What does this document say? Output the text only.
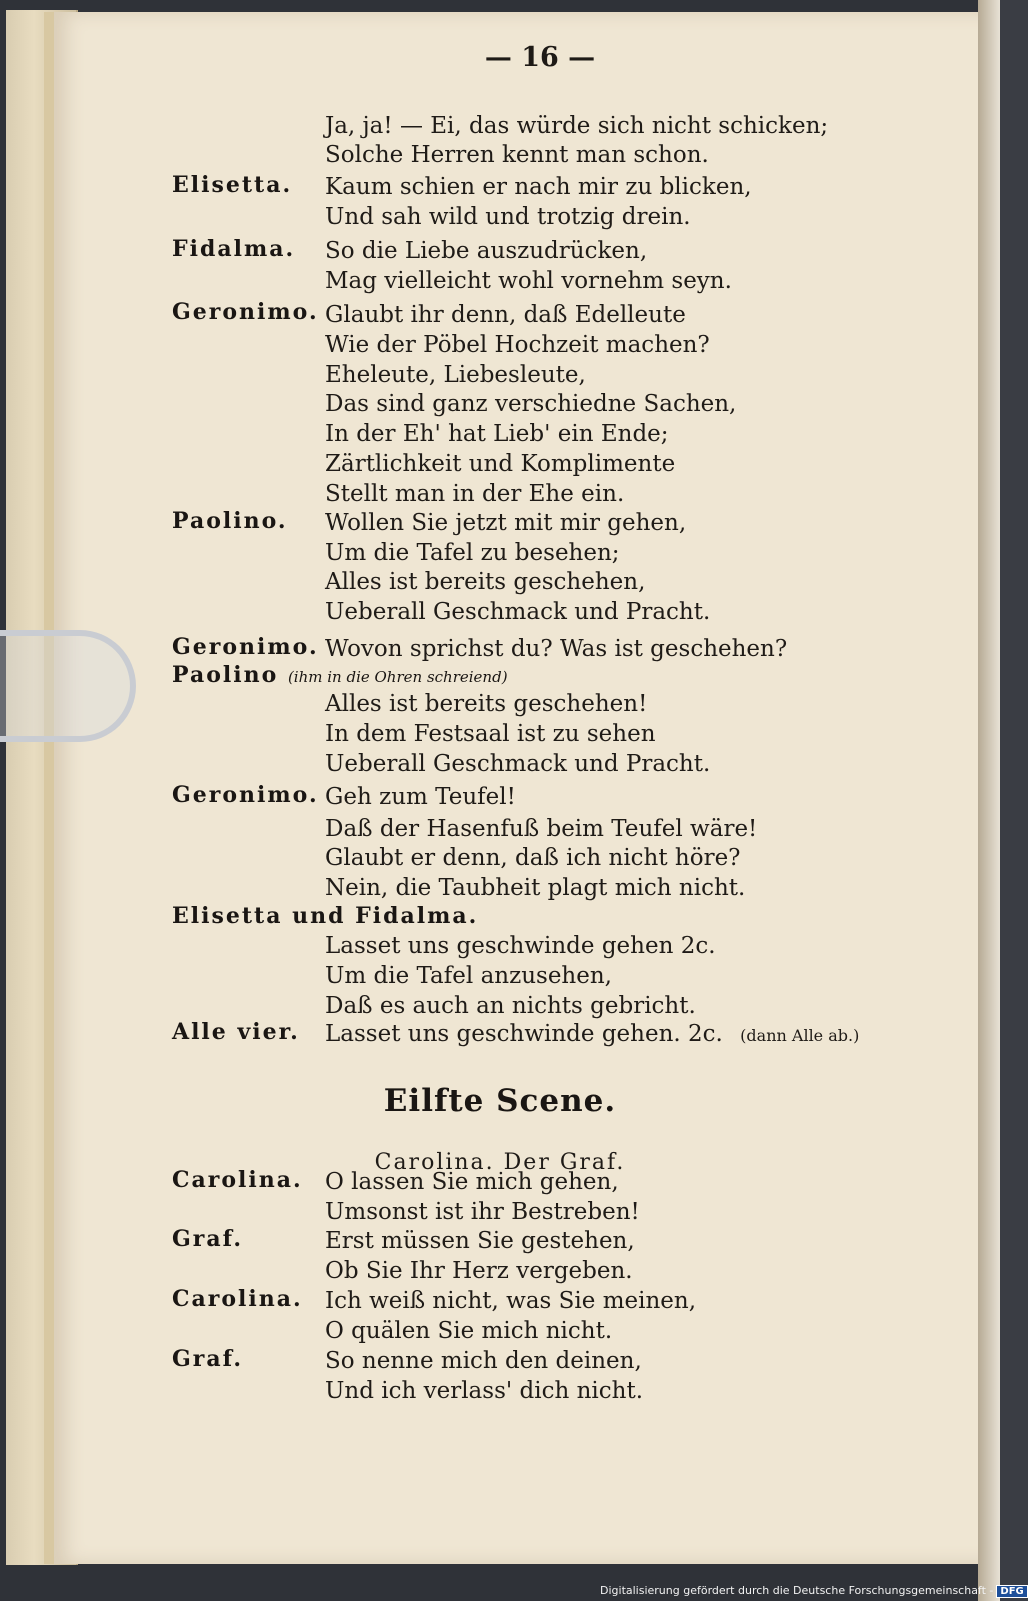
— 16 —
Ja, ja! — Ei, das würde sich nicht schicken;
Solche Herren kennt man schon.
Elisetta. Kaum schien er nach mir zu blicken,
Und sah wild und trotzig drein.
Fidalma. So die Liebe auszudrücken,
Mag vielleicht wohl vornehm seyn.
Geronimo. Glaubt ihr denn, daß Edelleute
Wie der Pöbel Hochzeit machen?
Eheleute, Liebesleute,
Das sind ganz verschiedne Sachen,
In der Eh' hat Lieb' ein Ende;
Zärtlichkeit und Komplimente
Stellt man in der Ehe ein.
Paolino. Wollen Sie jetzt mit mir gehen,
Um die Tafel zu besehen;
Alles ist bereits geschehen,
Ueberall Geschmack und Pracht.
Geronimo. Wovon sprichst du? Was ist geschehen?
Paolino (ihm in die Ohren schreiend)
Alles ist bereits geschehen!
In dem Festsaal ist zu sehen
Ueberall Geschmack und Pracht.
Geronimo. Geh zum Teufel!
Daß der Hasenfuß beim Teufel wäre!
Glaubt er denn, daß ich nicht höre?
Nein, die Taubheit plagt mich nicht.
Elisetta und Fidalma.
Lasset uns geschwinde gehen 2c.
Um die Tafel anzusehen,
Daß es auch an nichts gebricht.
Alle vier. Lasset uns geschwinde gehen. 2c. (dann Alle ab.)
Eilfte Scene.
Carolina. Der Graf.
Carolina. O lassen Sie mich gehen,
Umsonst ist ihr Bestreben!
Graf.	Erst müssen Sie gestehen,
Ob Sie Ihr Herz vergeben.
Carolina. Ich weiß nicht, was Sie meinen,
O quälen Sie mich nicht.
Graf.	So nenne mich den deinen,
Und ich verlass' dich nicht.
Digitalisierung gefördert durch die Deutsche Forschungsgemeinschaft - DFG
